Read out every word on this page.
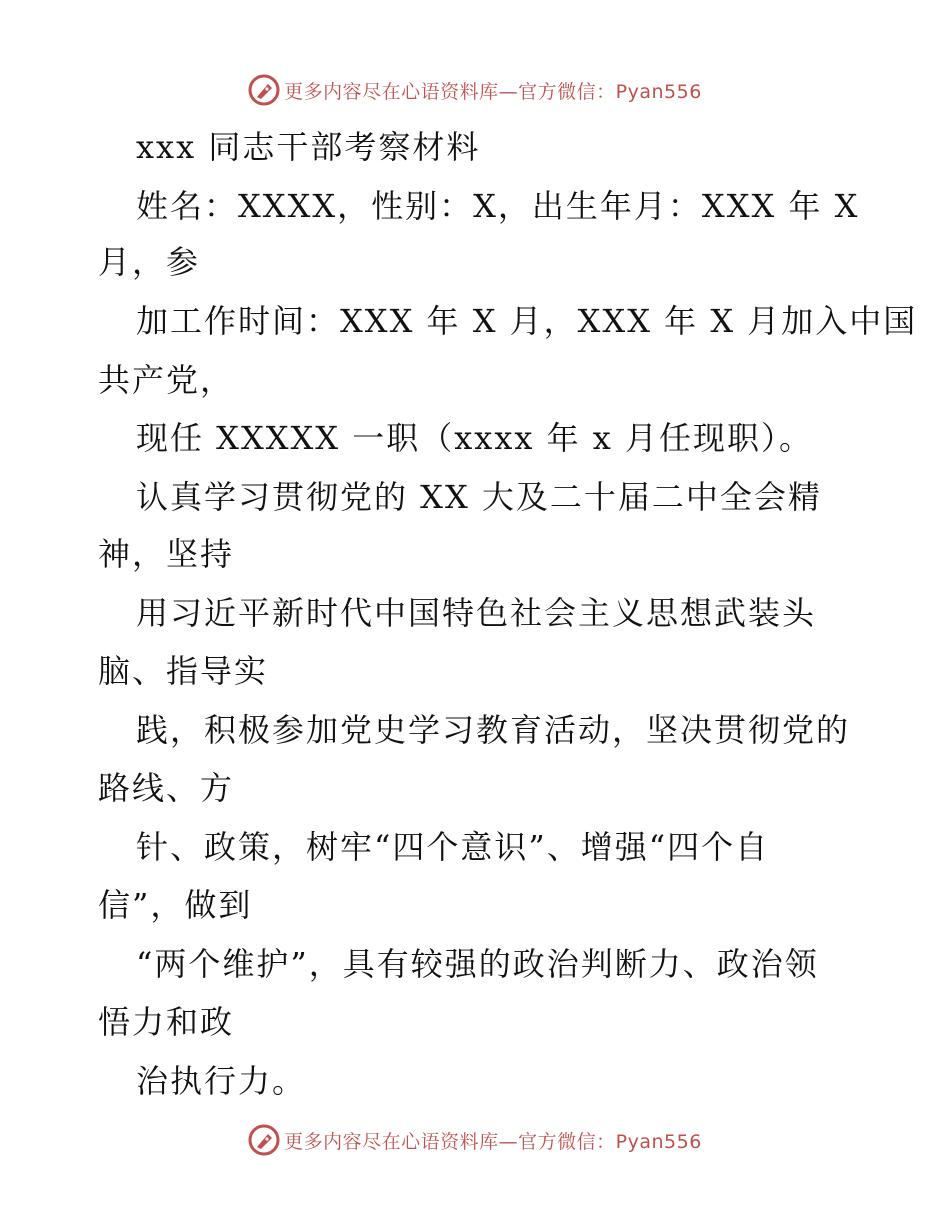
更多内容尽在心语资料库—官方微信：Pyan556
xxx 同志干部考察材料
姓名：XXXX，性别：X，出生年月：XXX 年 X
月，参
加工作时间：XXX 年 X 月，XXX 年 X 月加入中国
共产党，
现任 XXXXX 一职（xxxx 年 x 月任现职）。
认真学习贯彻党的 XX 大及二十届二中全会精
神，坚持
用习近平新时代中国特色社会主义思想武装头
脑、指导实
践，积极参加党史学习教育活动，坚决贯彻党的
路线、方
针、政策，树牢“四个意识”、增强“四个自
信”，做到
“两个维护”，具有较强的政治判断力、政治领
悟力和政
治执行力。
更多内容尽在心语资料库—官方微信：Pyan556
